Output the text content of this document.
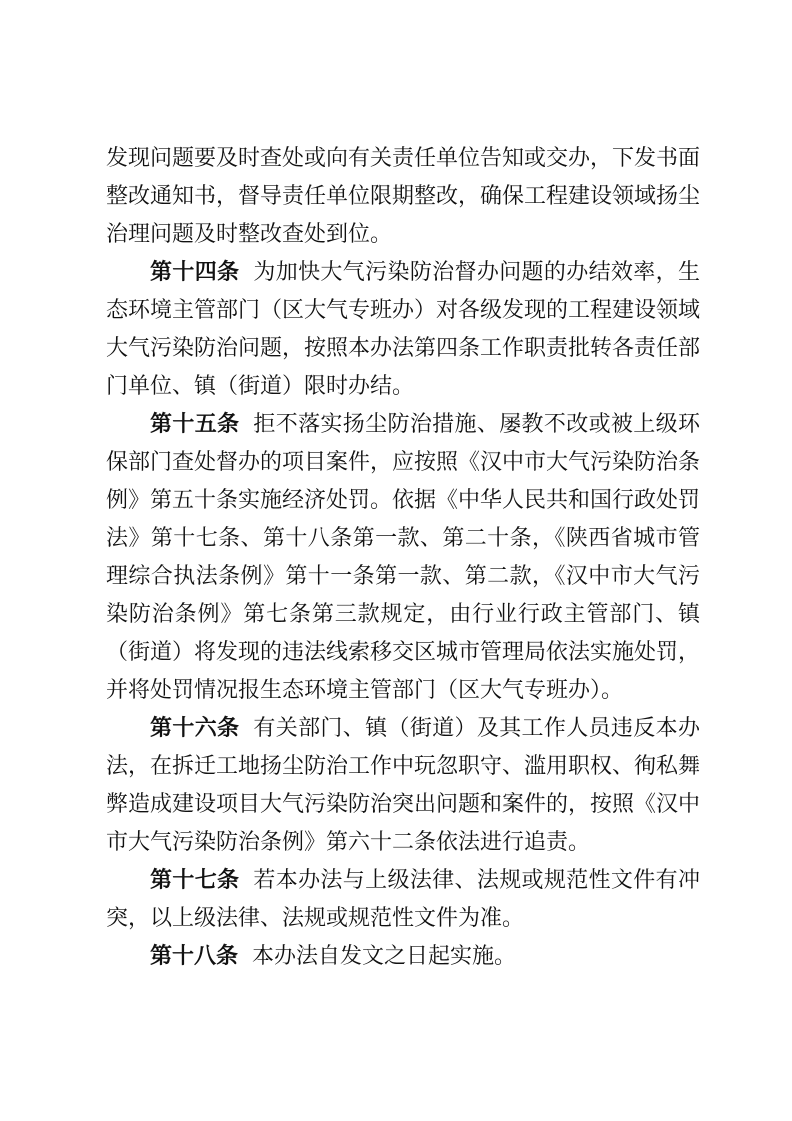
发现问题要及时查处或向有关责任单位告知或交办，下发书面整改通知书，督导责任单位限期整改，确保工程建设领域扬尘治理问题及时整改查处到位。

第十四条 为加快大气污染防治督办问题的办结效率，生态环境主管部门（区大气专班办）对各级发现的工程建设领域大气污染防治问题，按照本办法第四条工作职责批转各责任部门单位、镇（街道）限时办结。

第十五条 拒不落实扬尘防治措施、屡教不改或被上级环保部门查处督办的项目案件，应按照《汉中市大气污染防治条例》第五十条实施经济处罚。依据《中华人民共和国行政处罚法》第十七条、第十八条第一款、第二十条，《陕西省城市管理综合执法条例》第十一条第一款、第二款，《汉中市大气污染防治条例》第七条第三款规定，由行业行政主管部门、镇（街道）将发现的违法线索移交区城市管理局依法实施处罚，并将处罚情况报生态环境主管部门（区大气专班办）。

第十六条 有关部门、镇（街道）及其工作人员违反本办法，在拆迁工地扬尘防治工作中玩忽职守、滥用职权、徇私舞弊造成建设项目大气污染防治突出问题和案件的，按照《汉中市大气污染防治条例》第六十二条依法进行追责。

第十七条 若本办法与上级法律、法规或规范性文件有冲突，以上级法律、法规或规范性文件为准。

第十八条 本办法自发文之日起实施。
